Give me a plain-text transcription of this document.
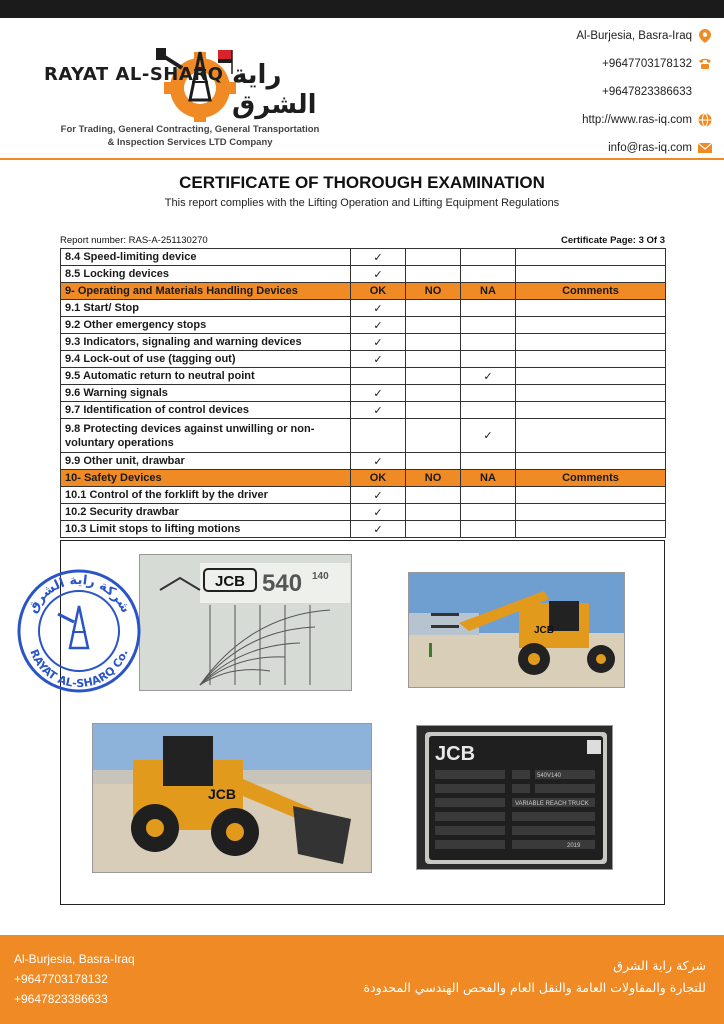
RAYAT AL-SHARQ راية الشرق
For Trading, General Contracting, General Transportation
& Inspection Services LTD Company
Al-Burjesia, Basra-Iraq
+9647703178132
+9647823386633
http://www.ras-iq.com
info@ras-iq.com
CERTIFICATE OF THOROUGH EXAMINATION
This report complies with the Lifting Operation and Lifting Equipment Regulations
Report number: RAS-A-251130270	Certificate Page: 3 Of 3
8.4 Speed-limiting device	✓			
8.5 Locking devices	✓			
9- Operating and Materials Handling Devices	OK	NO	NA	Comments
9.1 Start/ Stop	✓			
9.2 Other emergency stops	✓			
9.3 Indicators, signaling and warning devices	✓			
9.4 Lock-out of use (tagging out)	✓			
9.5 Automatic return to neutral point			✓	
9.6 Warning signals	✓			
9.7 Identification of control devices	✓			
9.8 Protecting devices against unwilling or non-voluntary operations			✓	
9.9 Other unit, drawbar	✓			
10- Safety Devices	OK	NO	NA	Comments
10.1 Control of the forklift by the driver	✓			
10.2 Security drawbar	✓			
10.3 Limit stops to lifting motions	✓			
JCB 540 140
JCB
JCB
JCB
540V140
VARIABLE REACH TRUCK
2019
شركة راية الشرق
RAYAT AL-SHARQ Co.
Al-Burjesia, Basra-Iraq
+9647703178132
+9647823386633
شركة راية الشرق
للتجارة والمقاولات العامة والنقل العام والفحص الهندسي المحدودة
